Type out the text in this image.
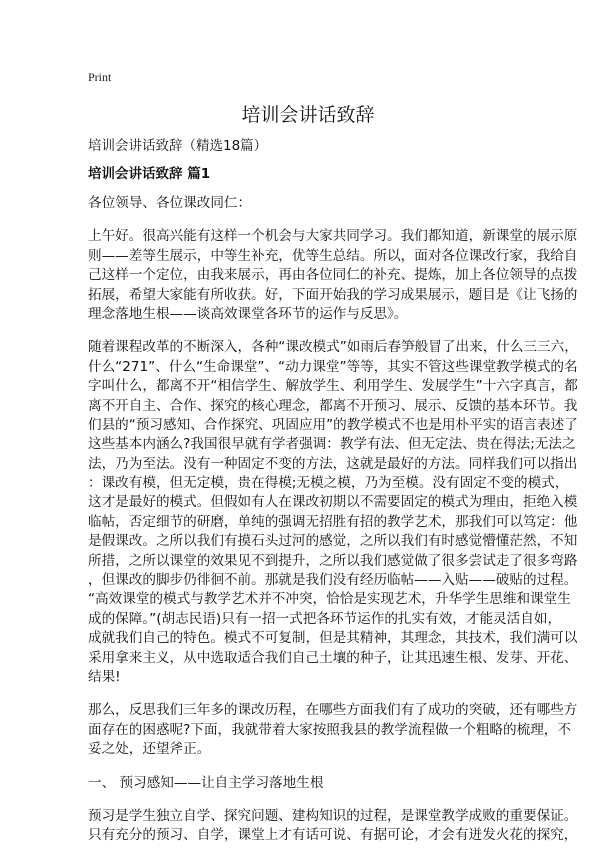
Print
培训会讲话致辞
培训会讲话致辞（精选18篇）
培训会讲话致辞 篇1
各位领导、各位课改同仁：
上午好。很高兴能有这样一个机会与大家共同学习。我们都知道，新课堂的展示原
则——差等生展示，中等生补充，优等生总结。所以，面对各位课改行家，我给自
己这样一个定位，由我来展示，再由各位同仁的补充、提炼，加上各位领导的点拨
拓展，希望大家能有所收获。好，下面开始我的学习成果展示，题目是《让飞扬的
理念落地生根——谈高效课堂各环节的运作与反思》。
随着课程改革的不断深入，各种“课改模式”如雨后春笋般冒了出来，什么三三六，
什么“271”、什么“生命课堂”、“动力课堂”等等，其实不管这些课堂教学模式的名
字叫什么，都离不开“相信学生、解放学生、利用学生、发展学生”十六字真言，都
离不开自主、合作、探究的核心理念，都离不开预习、展示、反馈的基本环节。我
们县的“预习感知、合作探究、巩固应用”的教学模式不也是用朴平实的语言表述了
这些基本内涵么?我国很早就有学者强调：教学有法、但无定法、贵在得法;无法之
法，乃为至法。没有一种固定不变的方法，这就是最好的方法。同样我们可以指出
：课改有模，但无定模，贵在得模;无模之模，乃为至模。没有固定不变的模式，
这才是最好的模式。但假如有人在课改初期以不需要固定的模式为理由，拒绝入模
临帖，否定细节的研磨，单纯的强调无招胜有招的教学艺术，那我们可以笃定：他
是假课改。之所以我们有摸石头过河的感觉，之所以我们有时感觉懵懂茫然，不知
所措，之所以课堂的效果见不到提升，之所以我们感觉做了很多尝试走了很多弯路
，但课改的脚步仍徘徊不前。那就是我们没有经历临帖——入贴——破贴的过程。
“高效课堂的模式与教学艺术并不冲突，恰恰是实现艺术，升华学生思维和课堂生
成的保障。”(胡志民语)只有一招一式把各环节运作的扎实有效，才能灵活自如，
成就我们自己的特色。模式不可复制，但是其精神，其理念，其技术，我们满可以
采用拿来主义，从中选取适合我们自己土壤的种子，让其迅速生根、发芽、开花、
结果!
那么，反思我们三年多的课改历程，在哪些方面我们有了成功的突破，还有哪些方
面存在的困惑呢?下面，我就带着大家按照我县的教学流程做一个粗略的梳理，不
妥之处，还望斧正。
一、 预习感知——让自主学习落地生根
预习是学生独立自学、探究问题、建构知识的过程，是课堂教学成败的重要保证。
只有充分的预习、自学，课堂上才有话可说、有据可论，才会有迸发火花的探究，
